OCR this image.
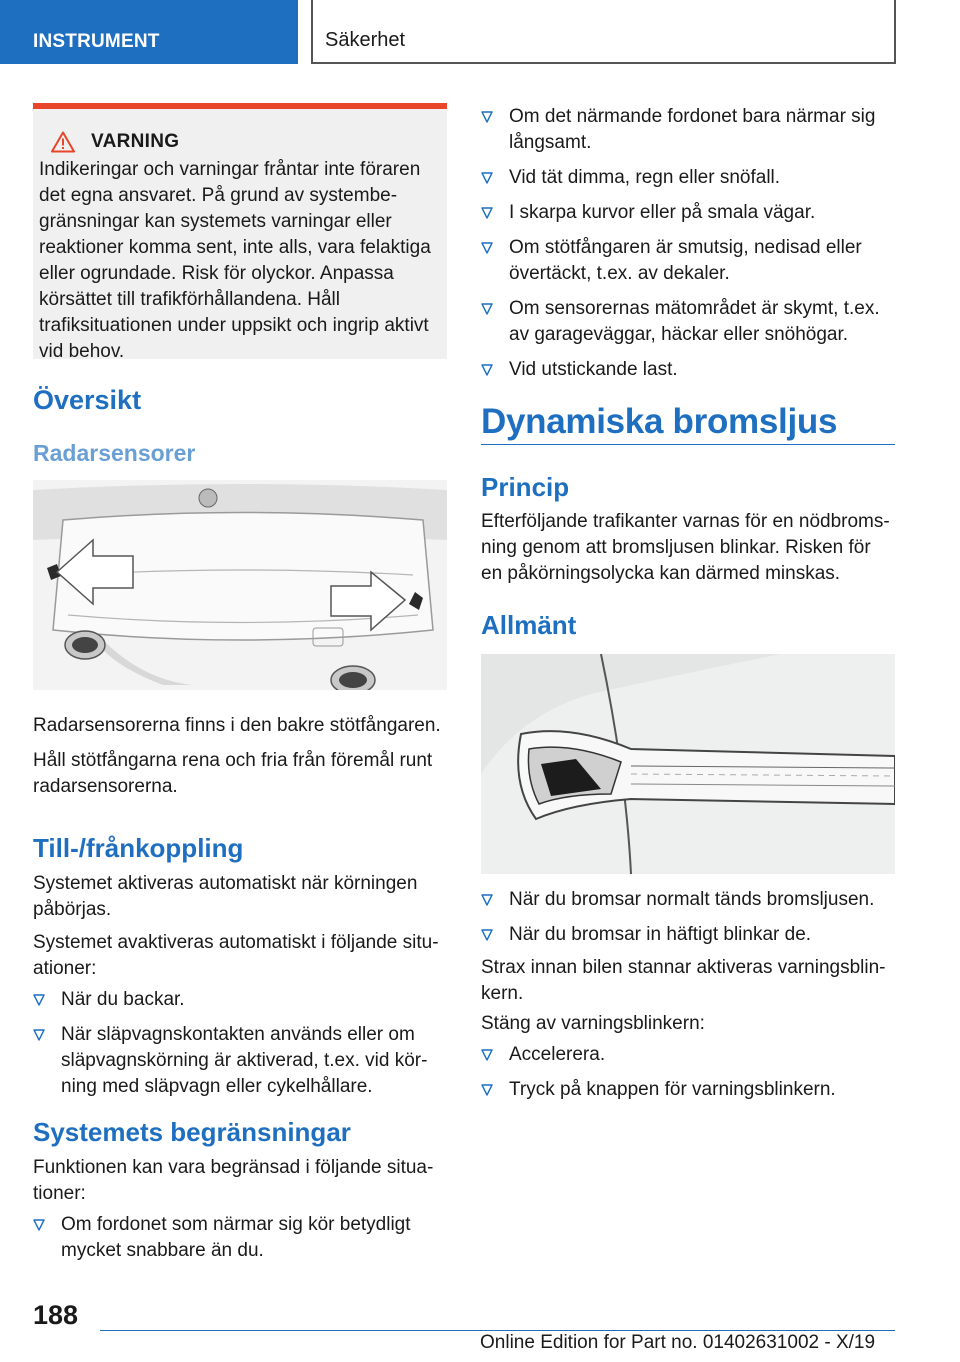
INSTRUMENT	Säkerhet
VARNING

Indikeringar och varningar fråntar inte föraren det egna ansvaret. På grund av systembegränsningar kan systemets varningar eller reaktioner komma sent, inte alls, vara felaktiga eller ogrundade. Risk för olyckor. Anpassa körsättet till trafikförhållandena. Håll trafiksituationen under uppsikt och ingrip aktivt vid behov.

Översikt
Radarsensorer

Radarsensorerna finns i den bakre stötfångaren.

Håll stötfångarna rena och fria från föremål runt radarsensorerna.

Till-/frånkoppling

Systemet aktiveras automatiskt när körningen påbörjas.

Systemet avaktiveras automatiskt i följande situationer:

När du backar.
När släpvagnskontakten används eller om släpvagnskörning är aktiverad, t.ex. vid körning med släpvagn eller cykelhållare.
Systemets begränsningar

Funktionen kan vara begränsad i följande situationer:

Om fordonet som närmar sig kör betydligt mycket snabbare än du.
Om det närmande fordonet bara närmar sig långsamt.
Vid tät dimma, regn eller snöfall.
I skarpa kurvor eller på smala vägar.
Om stötfångaren är smutsig, nedisad eller övertäckt, t.ex. av dekaler.
Om sensorernas mätområdet är skymt, t.ex. av garageväggar, häckar eller snöhögar.
Vid utstickande last.
Dynamiska bromsljus
Princip

Efterföljande trafikanter varnas för en nödbromsning genom att bromsljusen blinkar. Risken för en påkörningsolycka kan därmed minskas.

Allmänt
När du bromsar normalt tänds bromsljusen.
När du bromsar in häftigt blinkar de.

Strax innan bilen stannar aktiveras varningsblinkern.

Stäng av varningsblinkern:

Accelerera.
Tryck på knappen för varningsblinkern.
188
Online Edition for Part no. 01402631002 - X/19
